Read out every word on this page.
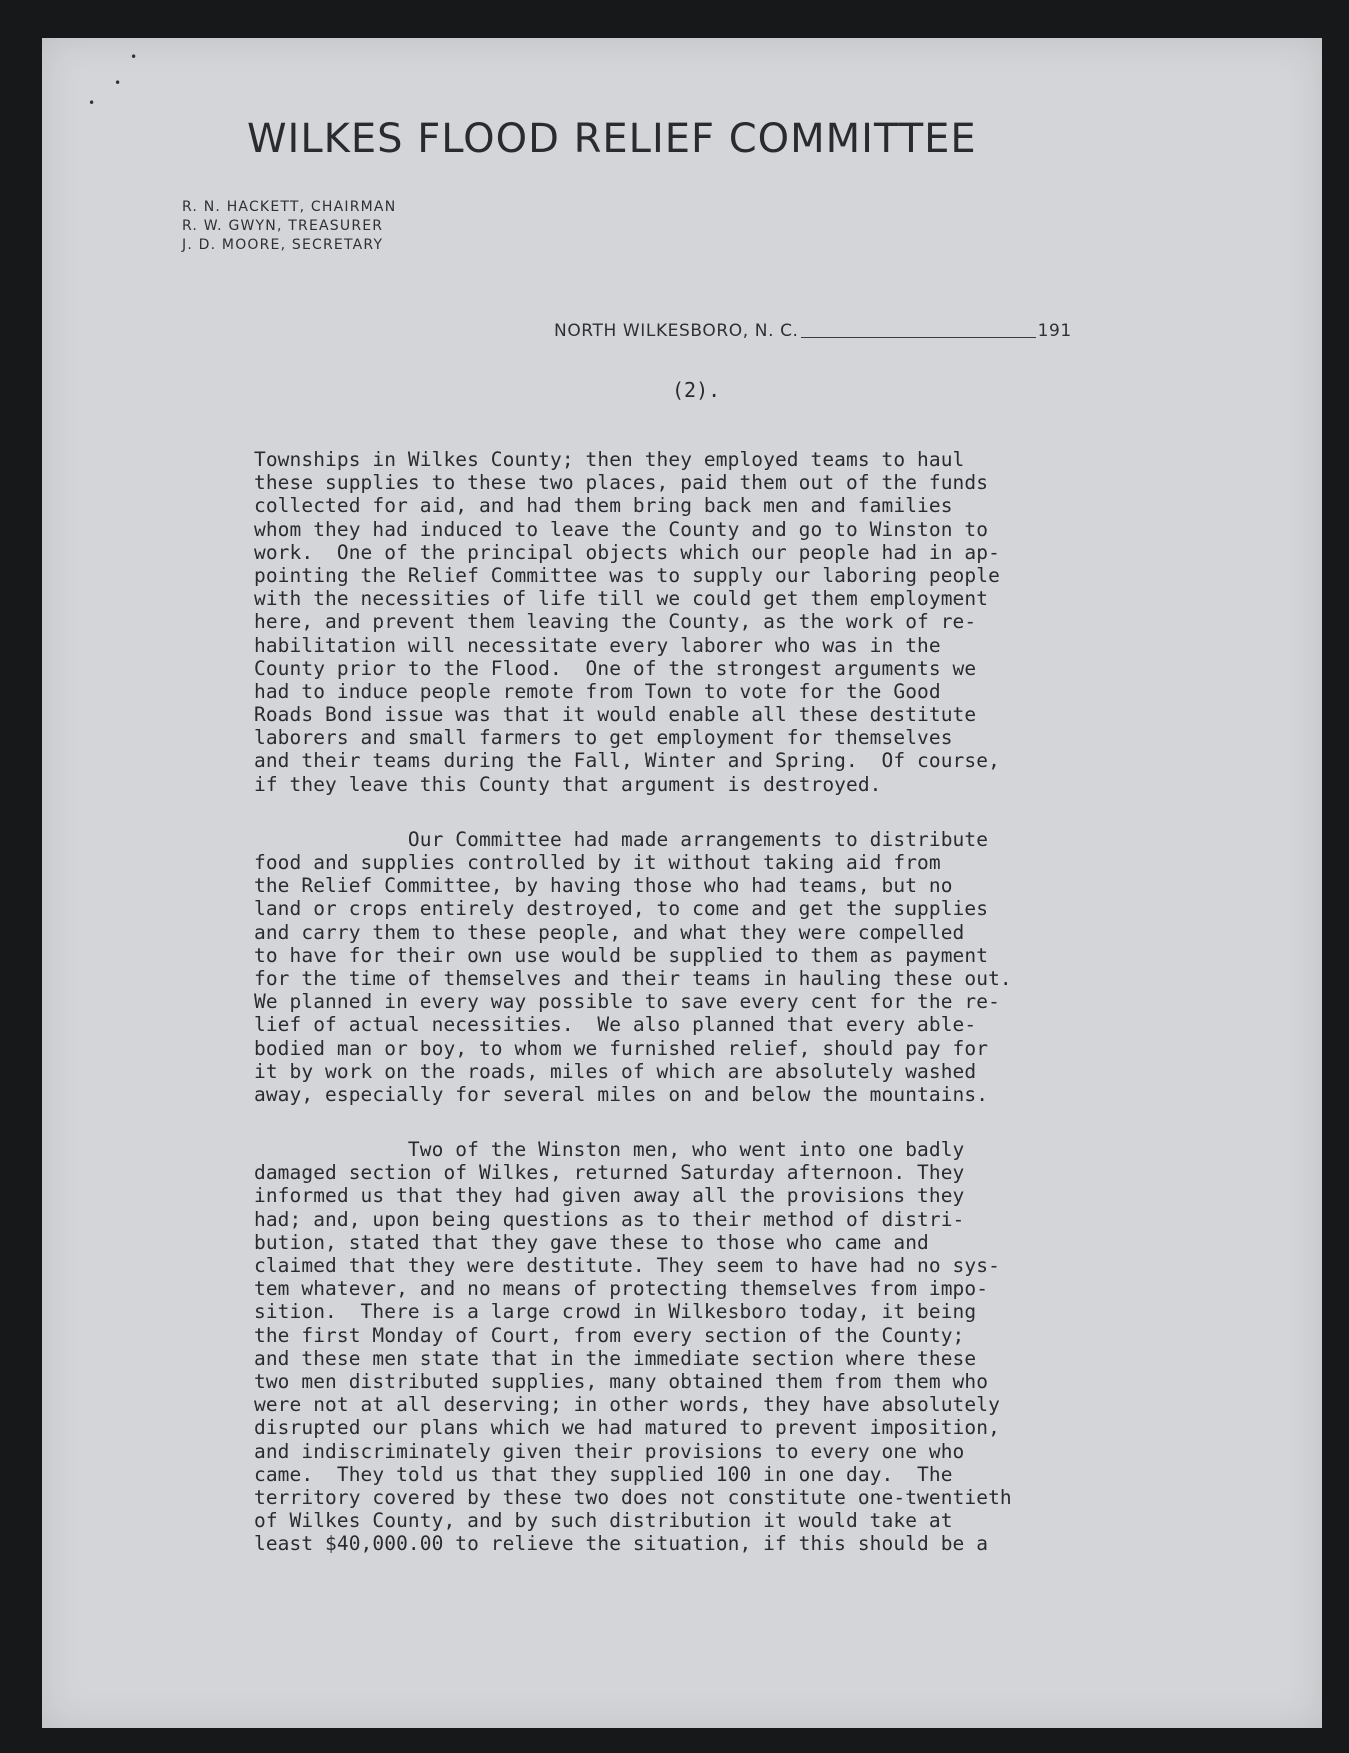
•
•
•
WILKES FLOOD RELIEF COMMITTEE
R. N. HACKETT, CHAIRMAN
R. W. GWYN, TREASURER
J. D. MOORE, SECRETARY
NORTH WILKESBORO, N. C.	191
(2).
Townships in Wilkes County; then they employed teams to haul
these supplies to these two places, paid them out of the funds
collected for aid, and had them bring back men and families
whom they had induced to leave the County and go to Winston to
work.  One of the principal objects which our people had in ap-
pointing the Relief Committee was to supply our laboring people
with the necessities of life till we could get them employment
here, and prevent them leaving the County, as the work of re-
habilitation will necessitate every laborer who was in the
County prior to the Flood.  One of the strongest arguments we
had to induce people remote from Town to vote for the Good
Roads Bond issue was that it would enable all these destitute
laborers and small farmers to get employment for themselves
and their teams during the Fall, Winter and Spring.  Of course,
if they leave this County that argument is destroyed.
Our Committee had made arrangements to distribute
food and supplies controlled by it without taking aid from
the Relief Committee, by having those who had teams, but no
land or crops entirely destroyed, to come and get the supplies
and carry them to these people, and what they were compelled
to have for their own use would be supplied to them as payment
for the time of themselves and their teams in hauling these out.
We planned in every way possible to save every cent for the re-
lief of actual necessities.  We also planned that every able-
bodied man or boy, to whom we furnished relief, should pay for
it by work on the roads, miles of which are absolutely washed
away, especially for several miles on and below the mountains.
Two of the Winston men, who went into one badly
damaged section of Wilkes, returned Saturday afternoon. They
informed us that they had given away all the provisions they
had; and, upon being questions as to their method of distri-
bution, stated that they gave these to those who came and
claimed that they were destitute. They seem to have had no sys-
tem whatever, and no means of protecting themselves from impo-
sition.  There is a large crowd in Wilkesboro today, it being
the first Monday of Court, from every section of the County;
and these men state that in the immediate section where these
two men distributed supplies, many obtained them from them who
were not at all deserving; in other words, they have absolutely
disrupted our plans which we had matured to prevent imposition,
and indiscriminately given their provisions to every one who
came.  They told us that they supplied 100 in one day.  The
territory covered by these two does not constitute one-twentieth
of Wilkes County, and by such distribution it would take at
least $40,000.00 to relieve the situation, if this should be a
